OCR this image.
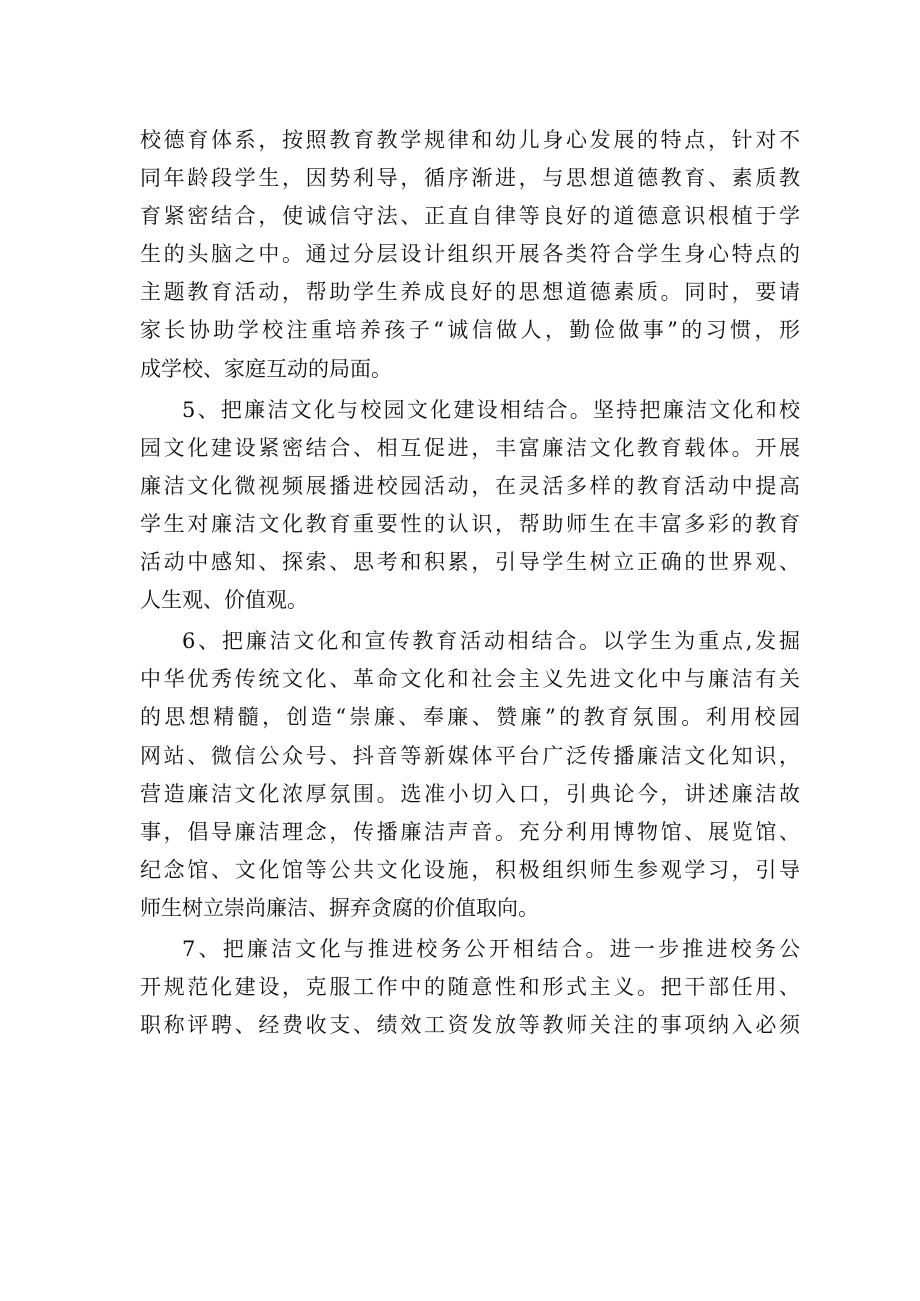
校德育体系，按照教育教学规律和幼儿身心发展的特点，针对不
同年龄段学生，因势利导，循序渐进，与思想道德教育、素质教
育紧密结合，使诚信守法、正直自律等良好的道德意识根植于学
生的头脑之中。通过分层设计组织开展各类符合学生身心特点的
主题教育活动，帮助学生养成良好的思想道德素质。同时，要请
家长协助学校注重培养孩子“诚信做人，勤俭做事”的习惯，形
成学校、家庭互动的局面。
5、把廉洁文化与校园文化建设相结合。坚持把廉洁文化和校
园文化建设紧密结合、相互促进，丰富廉洁文化教育载体。开展
廉洁文化微视频展播进校园活动，在灵活多样的教育活动中提高
学生对廉洁文化教育重要性的认识，帮助师生在丰富多彩的教育
活动中感知、探索、思考和积累，引导学生树立正确的世界观、
人生观、价值观。
6、把廉洁文化和宣传教育活动相结合。以学生为重点,发掘
中华优秀传统文化、革命文化和社会主义先进文化中与廉洁有关
的思想精髓，创造“崇廉、奉廉、赞廉”的教育氛围。利用校园
网站、微信公众号、抖音等新媒体平台广泛传播廉洁文化知识，
营造廉洁文化浓厚氛围。选准小切入口，引典论今，讲述廉洁故
事，倡导廉洁理念，传播廉洁声音。充分利用博物馆、展览馆、
纪念馆、文化馆等公共文化设施，积极组织师生参观学习，引导
师生树立崇尚廉洁、摒弃贪腐的价值取向。
7、把廉洁文化与推进校务公开相结合。进一步推进校务公
开规范化建设，克服工作中的随意性和形式主义。把干部任用、
职称评聘、经费收支、绩效工资发放等教师关注的事项纳入必须
